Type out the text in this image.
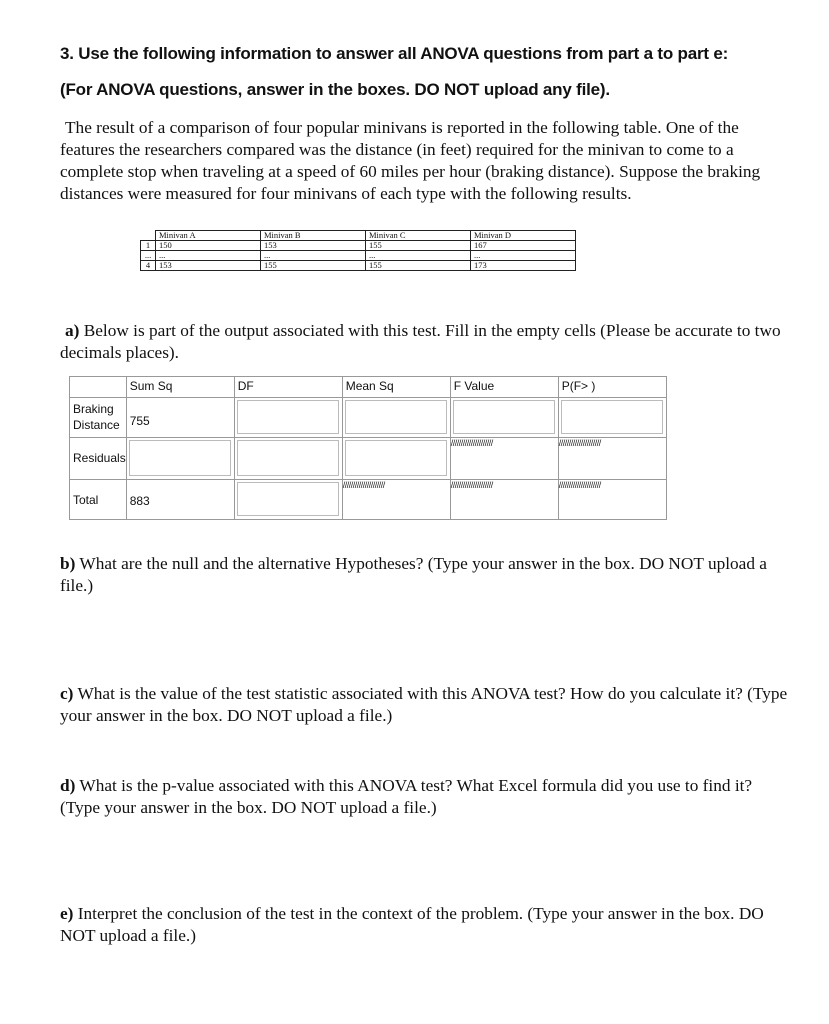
3. Use the following information to answer all ANOVA questions from part a to part e:
(For ANOVA questions, answer in the boxes. DO NOT upload any file).
The result of a comparison of four popular minivans is reported in the following table. One of the features the researchers compared was the distance (in feet) required for the minivan to come to a complete stop when traveling at a speed of 60 miles per hour (braking distance). Suppose the braking distances were measured for four minivans of each type with the following results.
	Minivan A	Minivan B	Minivan C	Minivan D
1	150	153	155	167
...	...	...	...	...
4	153	155	155	173
a) Below is part of the output associated with this test. Fill in the empty cells (Please be accurate to two decimals places).
	Sum Sq	DF	Mean Sq	F Value	P(F> )
Braking Distance	755	

Residuals				/////////////////////	/////////////////////
Total	883		/////////////////////	/////////////////////	/////////////////////
b) What are the null and the alternative Hypotheses? (Type your answer in the box. DO NOT upload a file.)
c) What is the value of the test statistic associated with this ANOVA test? How do you calculate it? (Type your answer in the box. DO NOT upload a file.)
d) What is the p-value associated with this ANOVA test? What Excel formula did you use to find it? (Type your answer in the box. DO NOT upload a file.)
e) Interpret the conclusion of the test in the context of the problem. (Type your answer in the box. DO NOT upload a file.)
